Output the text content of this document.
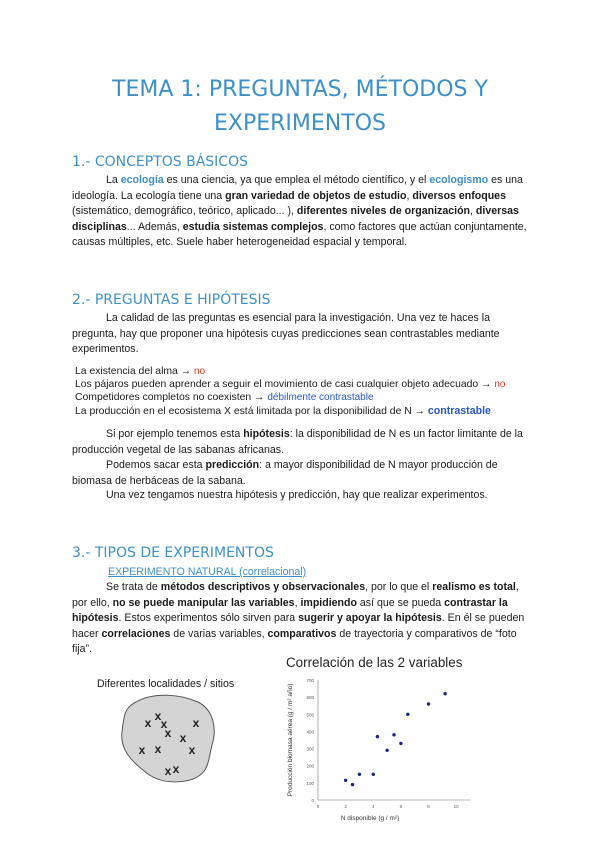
TEMA 1: PREGUNTAS, MÉTODOS Y
EXPERIMENTOS
1.- CONCEPTOS BÁSICOS
La ecología es una ciencia, ya que emplea el método científico, y el ecologismo es una ideología. La ecología tiene una gran variedad de objetos de estudio, diversos enfoques (sistemático, demográfico, teórico, aplicado... ), diferentes niveles de organización, diversas disciplinas... Además, estudia sistemas complejos, como factores que actúan conjuntamente, causas múltiples, etc. Suele haber heterogeneidad espacial y temporal.
2.- PREGUNTAS E HIPÓTESIS
La calidad de las preguntas es esencial para la investigación. Una vez te haces la pregunta, hay que proponer una hipótesis cuyas predicciones sean contrastables mediante experimentos.
La existencia del alma → no
Los pájaros pueden aprender a seguir el movimiento de casi cualquier objeto adecuado → no
Competidores completos no coexisten → débilmente contrastable
La producción en el ecosistema X está limitada por la disponibilidad de N → contrastable
Si por ejemplo tenemos esta hipótesis: la disponibilidad de N es un factor limitante de la producción vegetal de las sabanas africanas.
Podemos sacar esta predicción: a mayor disponibilidad de N mayor producción de biomasa de herbáceas de la sabana.
Una vez tengamos nuestra hipótesis y predicción, hay que realizar experimentos.
3.- TIPOS DE EXPERIMENTOS
EXPERIMENTO NATURAL (correlacional)
Se trata de métodos descriptivos y observacionales, por lo que el realismo es total, por ello, no se puede manipular las variables, impidiendo así que se pueda contrastar la hipótesis. Estos experimentos sólo sirven para sugerir y apoyar la hipótesis. En él se pueden hacer correlaciones de varias variables, comparativos de trayectoria y comparativos de “foto fija”.
Diferentes localidades / sitios
x x
x
x
x
x
x x x
x x
Correlación de las 2 variables
Producción biomasa aérea (g / m² año)
N disponible (g / m²)
0
100
200
300
400
500
600
700
0	2	4	6	8	10
